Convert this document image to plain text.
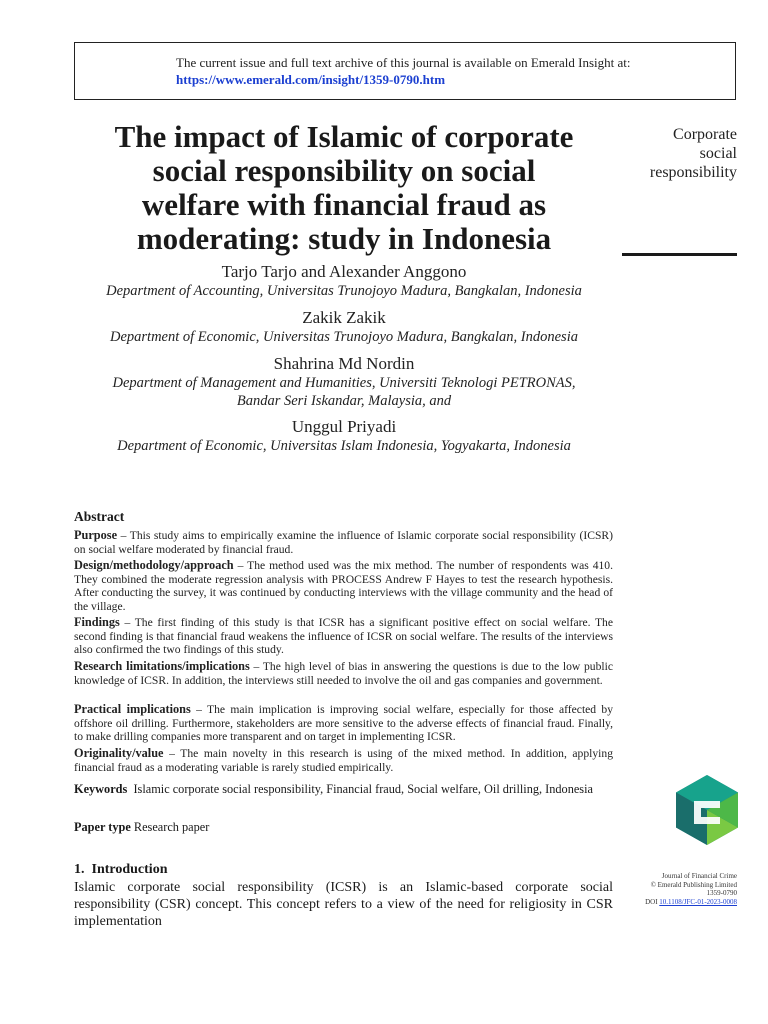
The current issue and full text archive of this journal is available on Emerald Insight at:
https://www.emerald.com/insight/1359-0790.htm
The impact of Islamic of corporate
social responsibility on social
welfare with financial fraud as
moderating: study in Indonesia
Corporate
social
responsibility
Tarjo Tarjo and Alexander Anggono
Department of Accounting, Universitas Trunojoyo Madura, Bangkalan, Indonesia
Zakik Zakik
Department of Economic, Universitas Trunojoyo Madura, Bangkalan, Indonesia
Shahrina Md Nordin
Department of Management and Humanities, Universiti Teknologi PETRONAS,
Bandar Seri Iskandar, Malaysia, and
Unggul Priyadi
Department of Economic, Universitas Islam Indonesia, Yogyakarta, Indonesia
Abstract
Purpose – This study aims to empirically examine the influence of Islamic corporate social responsibility (ICSR) on social welfare moderated by financial fraud.
Design/methodology/approach – The method used was the mix method. The number of respondents was 410. They combined the moderate regression analysis with PROCESS Andrew F Hayes to test the research hypothesis. After conducting the survey, it was continued by conducting interviews with the village community and the head of the village.
Findings – The first finding of this study is that ICSR has a significant positive effect on social welfare. The second finding is that financial fraud weakens the influence of ICSR on social welfare. The results of the interviews also confirmed the two findings of this study.
Research limitations/implications – The high level of bias in answering the questions is due to the low public knowledge of ICSR. In addition, the interviews still needed to involve the oil and gas companies and government.
Practical implications – The main implication is improving social welfare, especially for those affected by offshore oil drilling. Furthermore, stakeholders are more sensitive to the adverse effects of financial fraud. Finally, to make drilling companies more transparent and on target in implementing ICSR.
Originality/value – The main novelty in this research is using of the mixed method. In addition, applying financial fraud as a moderating variable is rarely studied empirically.
Keywords Islamic corporate social responsibility, Financial fraud, Social welfare, Oil drilling, Indonesia
Paper type Research paper
1. Introduction
Islamic corporate social responsibility (ICSR) is an Islamic-based corporate social responsibility (CSR) concept. This concept refers to a view of the need for religiosity in CSR implementation
Journal of Financial Crime
© Emerald Publishing Limited
1359-0790
DOI 10.1108/JFC-01-2023-0008
